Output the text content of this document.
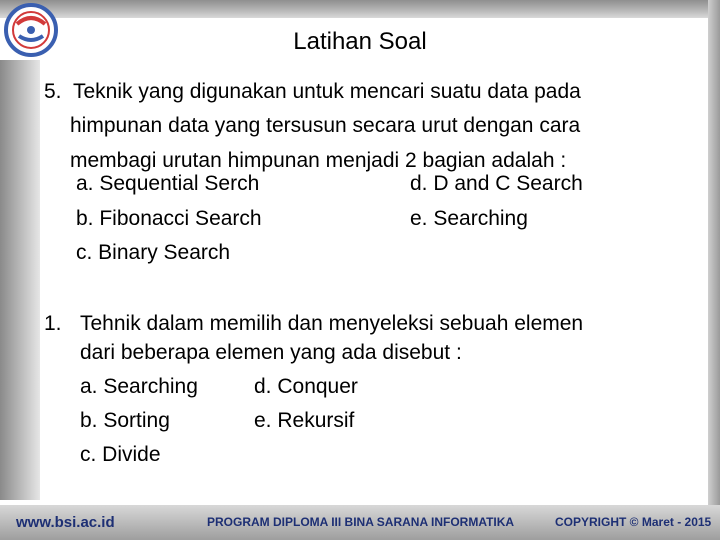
Latihan Soal
5. Teknik yang digunakan untuk mencari suatu data pada
himpunan data yang tersusun secara urut dengan cara
membagi urutan himpunan menjadi 2 bagian adalah :
a. Sequential Serch	d. D and C Search
b. Fibonacci Search	e. Searching
c. Binary Search
1. Tehnik dalam memilih dan menyeleksi sebuah elemen
dari beberapa elemen yang ada disebut :
a. Searching	d. Conquer
b. Sorting	e. Rekursif
c. Divide
www.bsi.ac.id	PROGRAM DIPLOMA III BINA SARANA INFORMATIKA	COPYRIGHT © Maret - 2015
